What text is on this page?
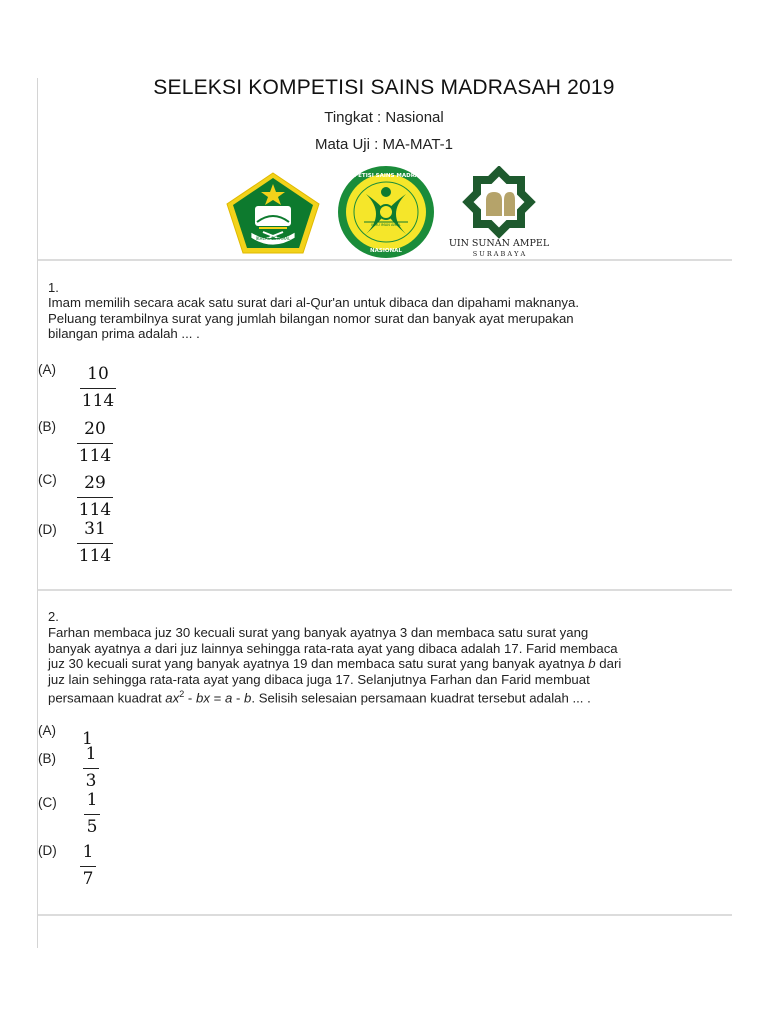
SELEKSI KOMPETISI SAINS MADRASAH 2019
Tingkat : Nasional
Mata Uji : MA-MAT-1
IKHLAS BERAMAL
ILMU IMAN AMAL
KOMPETISI SAINS MADRASAH
NASIONAL
UIN SUNAN AMPEL
S U R A B A Y A
1.

Imam memilih secara acak satu surat dari al-Qur'an untuk dibaca dan dipahami maknanya.

Peluang terambilnya surat yang jumlah bilangan nomor surat dan banyak ayat merupakan

bilangan prima adalah ... .

(A)	10
114
(B)	20
114
(C)	29
114
(D)	31
114
2.

Farhan membaca juz 30 kecuali surat yang banyak ayatnya 3 dan membaca satu surat yang

banyak ayatnya a dari juz lainnya sehingga rata-rata ayat yang dibaca adalah 17. Farid membaca

juz 30 kecuali surat yang banyak ayatnya 19 dan membaca satu surat yang banyak ayatnya b dari

juz lain sehingga rata-rata ayat yang dibaca juga 17. Selanjutnya Farhan dan Farid membuat

persamaan kuadrat $ax^2$ - bx = a - b. Selisih selesaian persamaan kuadrat tersebut adalah ... .

(A) 1
(B) 1
3
(C) 1
5
(D) 1
7
